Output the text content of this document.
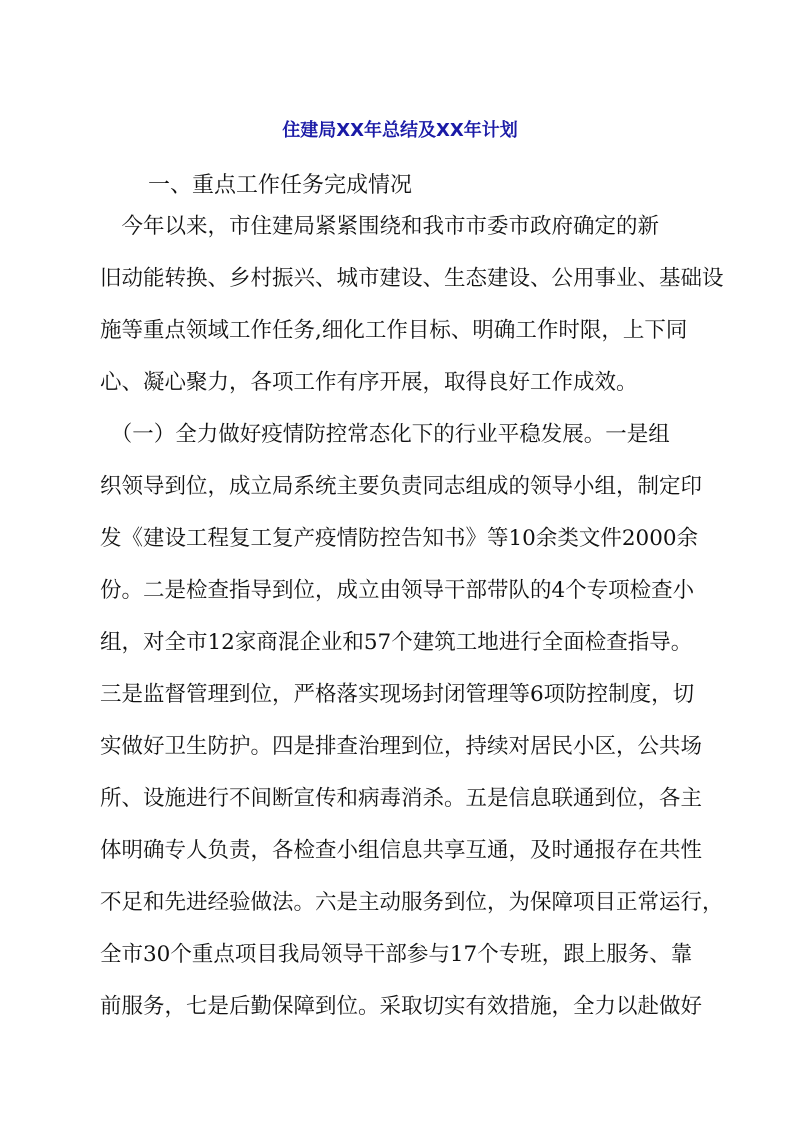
住建局XX年总结及XX年计划
一、重点工作任务完成情况
　今年以来，市住建局紧紧围绕和我市市委市政府确定的新
旧动能转换、乡村振兴、城市建设、生态建设、公用事业、基础设
施等重点领域工作任务,细化工作目标、明确工作时限，上下同
心、凝心聚力，各项工作有序开展，取得良好工作成效。
　（一）全力做好疫情防控常态化下的行业平稳发展。一是组
织领导到位，成立局系统主要负责同志组成的领导小组，制定印
发《建设工程复工复产疫情防控告知书》等10余类文件2000余
份。二是检查指导到位，成立由领导干部带队的4个专项检查小
组，对全市12家商混企业和57个建筑工地进行全面检查指导。
三是监督管理到位，严格落实现场封闭管理等6项防控制度，切
实做好卫生防护。四是排查治理到位，持续对居民小区，公共场
所、设施进行不间断宣传和病毒消杀。五是信息联通到位，各主
体明确专人负责，各检查小组信息共享互通，及时通报存在共性
不足和先进经验做法。六是主动服务到位，为保障项目正常运行，
全市30个重点项目我局领导干部参与17个专班，跟上服务、靠
前服务，七是后勤保障到位。采取切实有效措施，全力以赴做好
